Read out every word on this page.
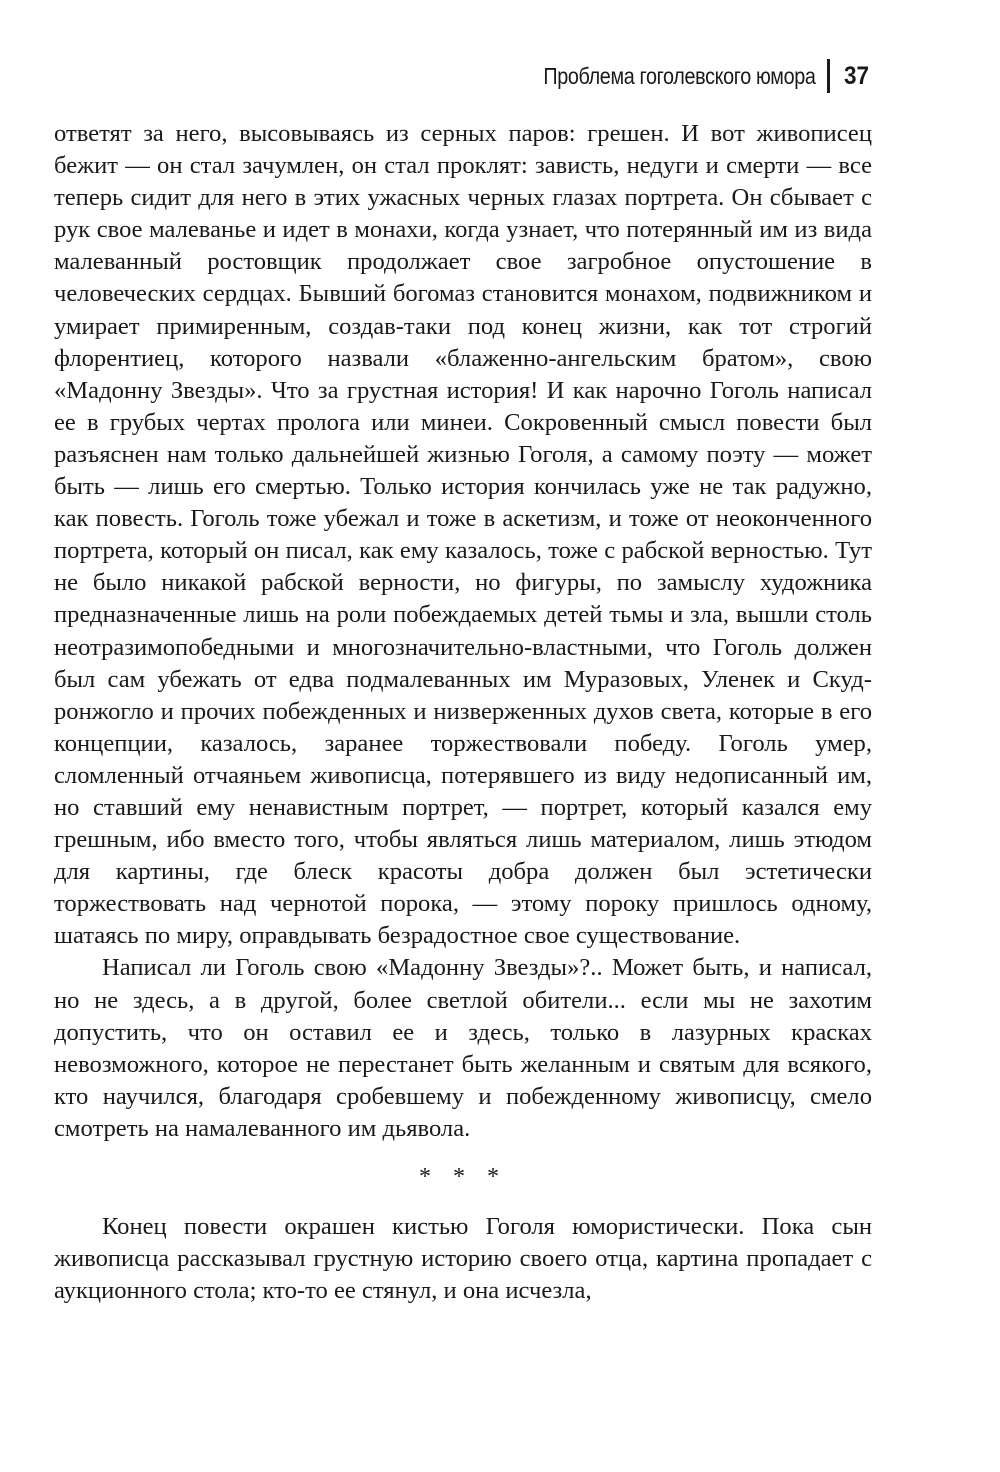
Проблема гоголевского юмора 37

ответят за него, высовываясь из серных паров: грешен. И вот живописец бежит — он стал зачумлен, он стал проклят: зависть, недуги и смерти — все теперь сидит для него в этих ужасных черных глазах портрета. Он сбывает с рук свое малеванье и идет в монахи, когда узнает, что потерянный им из вида малеванный ростовщик продолжает свое загробное опустошение в человеческих сердцах. Бывший богомаз становится монахом, подвижником и умирает примиренным, создав-таки под конец жизни, как тот строгий флорентиец, которого назвали «блаженно-ангельским братом», свою «Мадонну Звезды». Что за грустная история! И как нарочно Гоголь написал ее в грубых чертах пролога или минеи. Сокровенный смысл повести был разъяснен нам только дальнейшей жизнью Гоголя, а самому поэту — может быть — лишь его смертью. Только история кончилась уже не так радужно, как повесть. Гоголь тоже убежал и тоже в аскетизм, и тоже от неоконченного портрета, который он писал, как ему казалось, тоже с рабской верностью. Тут не было никакой рабской верности, но фигуры, по замыслу художника предназначенные лишь на роли побеждаемых детей тьмы и зла, вышли столь неотразимопобедными и многозначительно-властными, что Гоголь должен был сам убежать от едва подмалеванных им Муразовых, Уленек и Скудронжогло и прочих побежденных и низверженных духов света, которые в его концепции, казалось, заранее торжествовали победу. Гоголь умер, сломленный отчаяньем живописца, потерявшего из виду недописанный им, но ставший ему ненавистным портрет, — портрет, который казался ему грешным, ибо вместо того, чтобы являться лишь материалом, лишь этюдом для картины, где блеск красоты добра должен был эстетически торжествовать над чернотой порока, — этому пороку пришлось одному, шатаясь по миру, оправдывать безрадостное свое существование.

Написал ли Гоголь свою «Мадонну Звезды»?.. Может быть, и написал, но не здесь, а в другой, более светлой обители... если мы не захотим допустить, что он оставил ее и здесь, только в лазурных красках невозможного, которое не перестанет быть желанным и святым для всякого, кто научился, благодаря сробевшему и побежденному живописцу, смело смотреть на намалеванного им дьявола.

* * *

Конец повести окрашен кистью Гоголя юмористически. Пока сын живописца рассказывал грустную историю своего отца, картина пропадает с аукционного стола; кто-то ее стянул, и она исчезла,
